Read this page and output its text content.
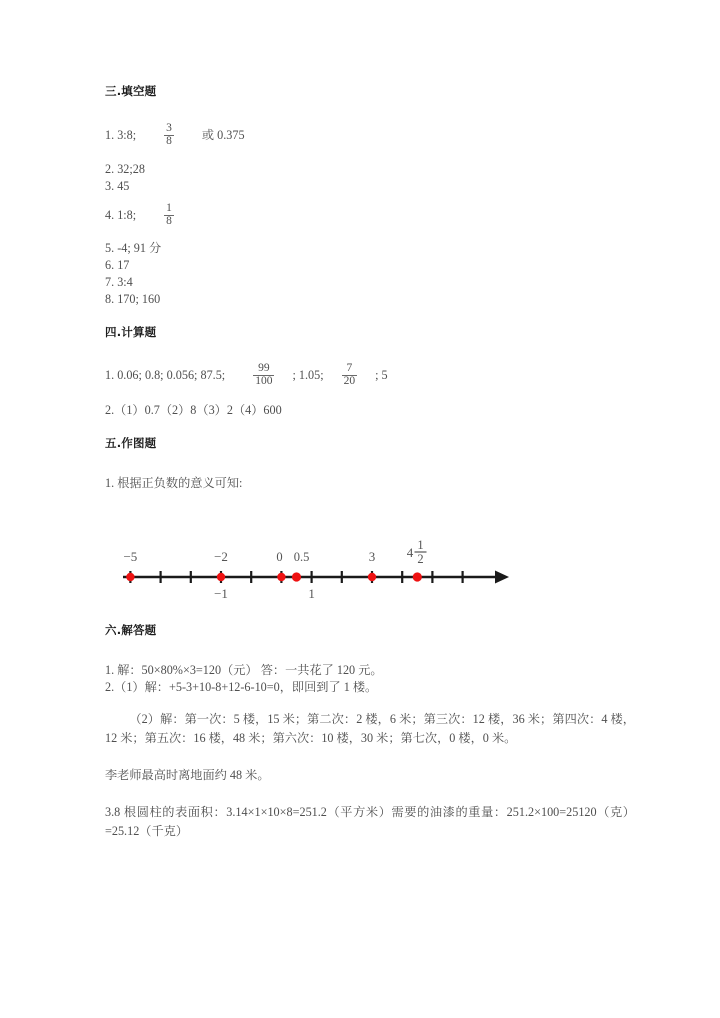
三.填空题
1. 3:8; $\frac{3}{8}$ 或 0.375
2. 32;28
3. 45
4. 1:8; $\frac{1}{8}$
5. -4; 91 分
6. 17
7. 3:4
8. 170; 160
四.计算题
1. 0.06; 0.8; 0.056; 87.5; $\frac{99}{100}$ ; 1.05; $\frac{7}{20}$ ; 5
2.（1）0.7（2）8（3）2（4）600
五.作图题
1. 根据正负数的意义可知:
−5	−2	0 0.5	3
−1	1
4 1
2
六.解答题
1. 解：50×80%×3=120（元） 答：一共花了 120 元。
2.（1）解：+5-3+10-8+12-6-10=0，即回到了 1 楼。
（2）解：第一次：5 楼，15 米；第二次：2 楼，6 米；第三次：12 楼，36 米；第四次：4 楼，12 米；第五次：16 楼，48 米；第六次：10 楼，30 米；第七次，0 楼，0 米。
李老师最高时离地面约 48 米。
3.8 根圆柱的表面积：3.14×1×10×8=251.2（平方米）需要的油漆的重量：251.2×100=25120（克）=25.12（千克）
